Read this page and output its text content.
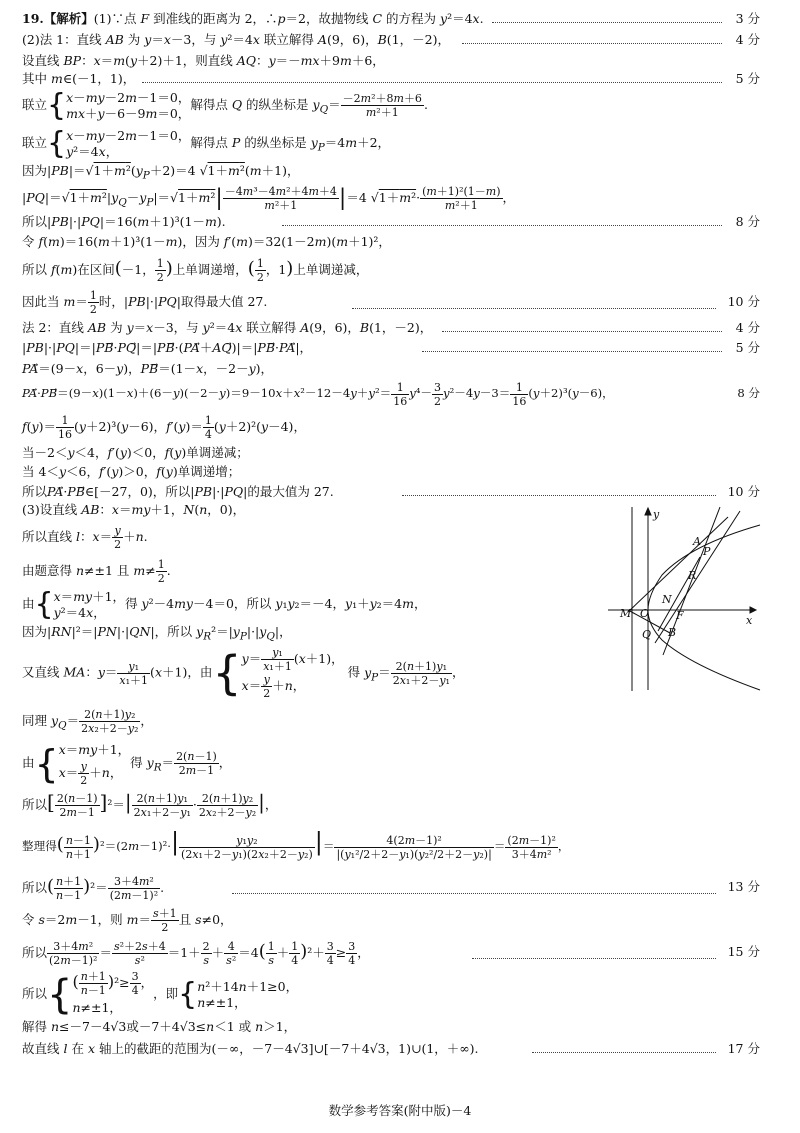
19.【解析】(1)∵点 F 到准线的距离为 2，∴p＝2，故抛物线 C 的方程为 y²＝4x.	3 分
(2)法 1：直线 AB 为 y＝x－3，与 y²＝4x 联立解得 A(9，6)，B(1，－2)，	4 分
设直线 BP：x＝m(y＋2)＋1，则直线 AQ：y＝－mx＋9m＋6，
其中 m∈(－1，1)，	5 分
联立{x－my－2m－1＝0，
mx＋y－6－9m＝0，解得点 Q 的纵坐标是 $y_Q= \frac{\text{－2m²＋8m＋6}}{\text{m²＋1}}$ .
联立{x－my－2m－1＝0，
y²＝4x，解得点 P 的纵坐标是 $y_P=4m+2$，
因为$|PB|=√1+m^2(y_P+2)=4$ √1＋m²(m＋1)，
$|PQ|=√1+m^2|y_Q-y_P|=√1+m^2| \frac{\text{－4m³－4m²＋4m＋4}}{\text{m²＋1}} |=4$ $√1+m^2\cdot \frac{\text{(m＋1)²(1－m)}}{\text{m²＋1}}$ ，
所以|PB|·|PQ|＝16(m＋1)³(1－m).	8 分
令 f(m)＝16(m＋1)³(1－m)，因为 f′(m)＝32(1－2m)(m＋1)²，
所以 f(m)在区间(－1， $\frac{1}{2}$ )上单调递增，( $\frac{1}{2}$ ，1)上单调递减，
因此当 $m= \frac{1}{2}$ 时，|PB|·|PQ|取得最大值 27.	10 分
法 2：直线 AB 为 y＝x－3，与 y²＝4x 联立解得 A(9，6)，B(1，－2)，	4 分
|PB|·|PQ|＝|PB⃗·PQ⃗|＝|PB⃗·(PA⃗＋AQ⃗)|＝|PB⃗·PA⃗|，	5 分
PA⃗＝(9－x，6－y)，PB⃗＝(1－x，－2－y)，
PA⃗·PB⃗＝(9－x)(1－x)＋(6－y)(－2－y)＝9－10x＋x²－12－4y＋y²＝ $\frac{1}{16} y^4- \frac{3}{2} y^2-4y-3= \frac{1}{16} (y+2)^3(y-6)$，	8 分
$f(y)= \frac{1}{16} (y+2)^3(y-6)$，$f'(y)= \frac{1}{4} (y+2)^2(y-4)$，
当－2＜y＜4，f′(y)＜0，f(y)单调递减；
当 4＜y＜6，f′(y)＞0，f(y)单调递增；
所以PA⃗·PB⃗∈[－27，0)，所以|PB|·|PQ|的最大值为 27.	10 分
(3)设直线 AB：x＝my＋1，N(n，0)，
所以直线 l：$x= \frac{y}{2} +n$.
由题意得 n≠±1 且 $m\ne \frac{1}{2}$ .
由{x＝my＋1，
y²＝4x，得 y²－4my－4＝0，所以 y₁y₂＝－4，y₁＋y₂＝4m，
因为|RN|²＝|PN|·|QN|，所以 $y_R^2=|y_P|\cdot|y_Q|$，
又直线 MA：$y= \frac{\text{y₁}}{\text{x₁＋1}} (x+1)$，由{$y= \frac{\text{y₁}}{\text{x₁＋1}} (x+1)$，
$x= \frac{y}{2} +n$， 得 $y_P= \frac{\text{2(n＋1)y₁}}{\text{2x₁＋2－y₁}}$ ，
同理 $y_Q= \frac{\text{2(n＋1)y₂}}{\text{2x₂＋2－y₂}}$ ，
由{x＝my＋1，
$x= \frac{y}{2} +n$，得 $y_R= \frac{2(n-1)}{2m-1}$ ，
所以[ $\frac{2(n-1)}{2m-1} ]^2=| \frac{\text{2(n＋1)y₁}}{\text{2x₁＋2－y₁}} \cdot \frac{\text{2(n＋1)y₂}}{\text{2x₂＋2－y₂}}$ |，
整理得( $\frac{n-1}{n+1} )^2=(2m-1)^2\cdot| \frac{\text{y₁y₂}}{\text{(2x₁＋2－y₁)(2x₂＋2－y₂)}}$ |＝ $\frac{\text{4(2m－1)²}}{\text{|(y₁²/2＋2－y₁)(y₂²/2＋2－y₂)|}} = \frac{\text{(2m－1)²}}{\text{3＋4m²}}$ ，
所以( $\frac{n+1}{n-1} )^2= \frac{\text{3＋4m²}}{\text{(2m－1)²}}$ .	13 分
令 s＝2m－1，则 $m= \frac{s+1}{2}$ 且 s≠0，
所以 $\frac{\text{3＋4m²}}{\text{(2m－1)²}} = \frac{\text{s²＋2s＋4}}{\text{s²}} =1+ \frac{2}{s} + \frac{4}{\text{s²}} =4( \frac{1}{s} + \frac{1}{4} )^2+ \frac{3}{4} \ge \frac{3}{4}$ ，	15 分
所以{( $\frac{n+1}{n-1} )^2\ge \frac{3}{4}$ ，
n≠±1，，即{n²＋14n＋1≥0，
n≠±1，
解得 n≤－7－4√3或－7＋4√3≤n＜1 或 n＞1，
故直线 l 在 x 轴上的截距的范围为(－∞，－7－4√3]∪[－7＋4√3，1)∪(1，＋∞).	17 分
y
x
A
P
R
N
M O F
Q B
数学参考答案(附中版)－4
